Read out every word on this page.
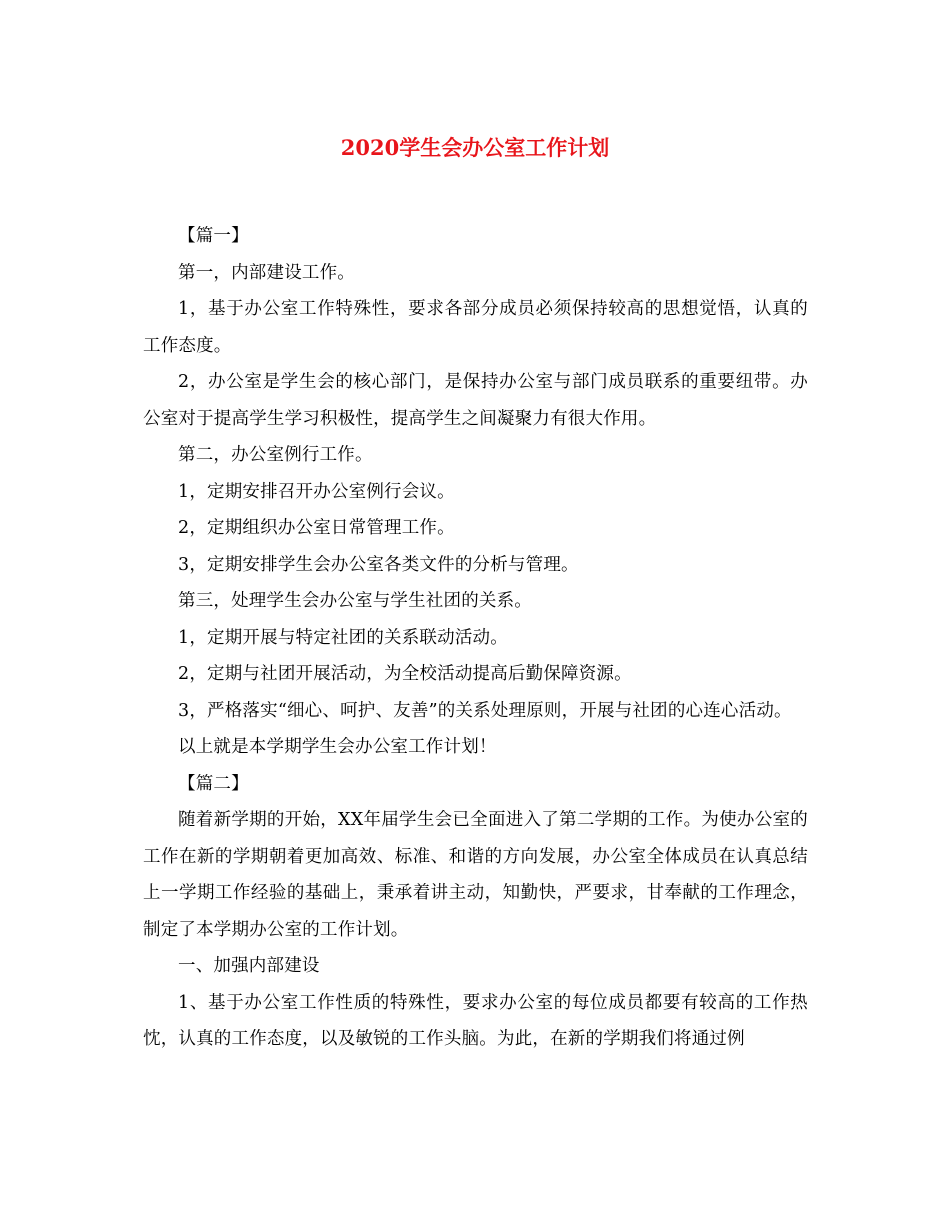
2020学生会办公室工作计划

【篇一】

第一，内部建设工作。

1，基于办公室工作特殊性，要求各部分成员必须保持较高的思想觉悟，认真的工作态度。

2，办公室是学生会的核心部门，是保持办公室与部门成员联系的重要纽带。办公室对于提高学生学习积极性，提高学生之间凝聚力有很大作用。

第二，办公室例行工作。

1，定期安排召开办公室例行会议。

2，定期组织办公室日常管理工作。

3，定期安排学生会办公室各类文件的分析与管理。

第三，处理学生会办公室与学生社团的关系。

1，定期开展与特定社团的关系联动活动。

2，定期与社团开展活动，为全校活动提高后勤保障资源。

3，严格落实“细心、呵护、友善”的关系处理原则，开展与社团的心连心活动。

以上就是本学期学生会办公室工作计划！

【篇二】

随着新学期的开始，XX年届学生会已全面进入了第二学期的工作。为使办公室的工作在新的学期朝着更加高效、标准、和谐的方向发展，办公室全体成员在认真总结上一学期工作经验的基础上，秉承着讲主动，知勤快，严要求，甘奉献的工作理念，制定了本学期办公室的工作计划。

一、加强内部建设

1、基于办公室工作性质的特殊性，要求办公室的每位成员都要有较高的工作热忱，认真的工作态度，以及敏锐的工作头脑。为此，在新的学期我们将通过例
